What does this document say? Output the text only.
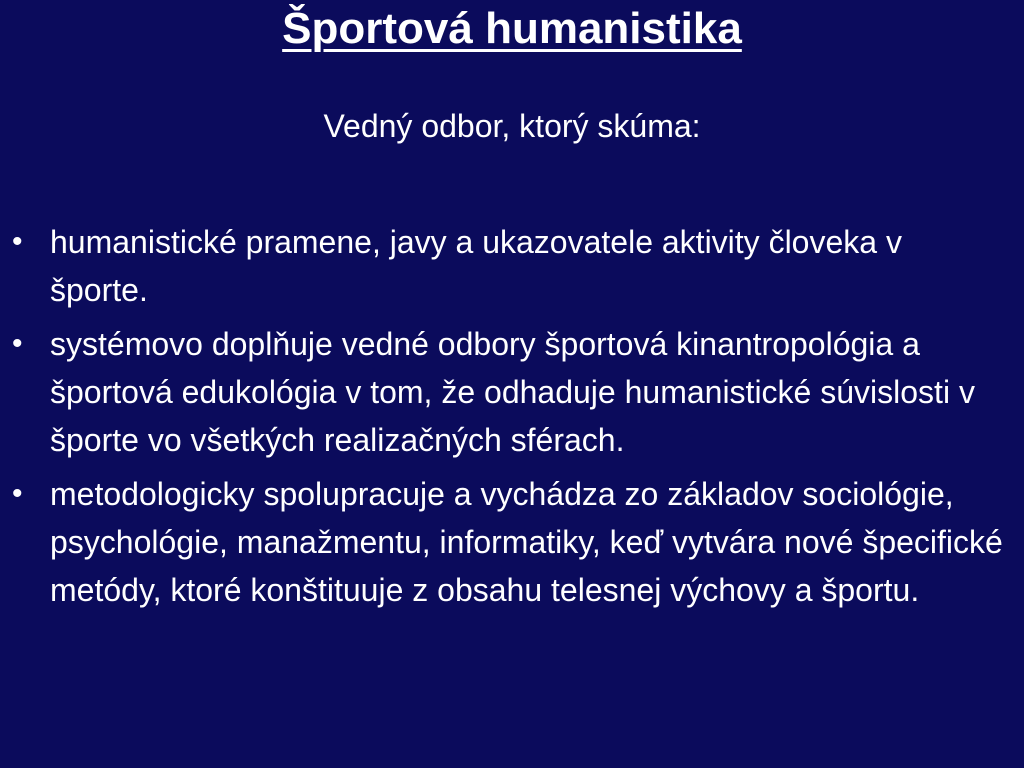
Športová humanistika
Vedný odbor, ktorý skúma:
• humanistické pramene, javy a ukazovatele aktivity človeka v športe.
• systémovo doplňuje vedné odbory športová kinantropológia a športová edukológia v tom, že odhaduje humanistické súvislosti v športe vo všetkých realizačných sférach.
• metodologicky spolupracuje a vychádza zo základov sociológie, psychológie, manažmentu, informatiky, keď vytvára nové špecifické metódy, ktoré konštituuje z obsahu telesnej výchovy a športu.
